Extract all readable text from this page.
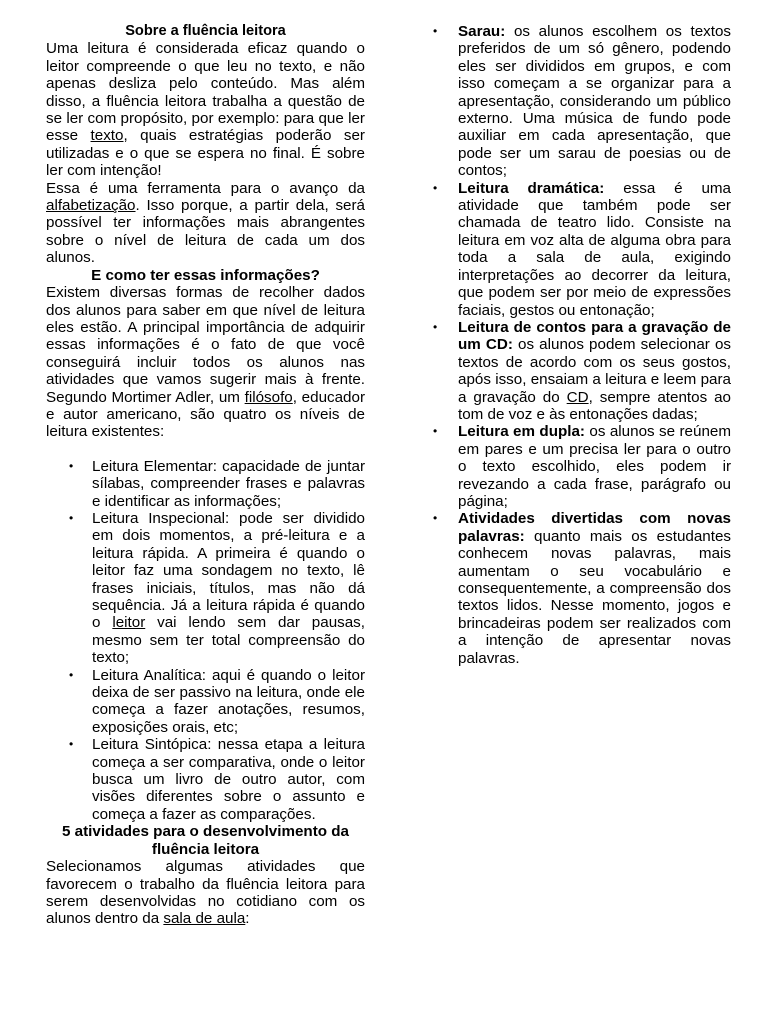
Sobre a fluência leitora

Uma leitura é considerada eficaz quando o leitor compreende o que leu no texto, e não apenas desliza pelo conteúdo. Mas além disso, a fluência leitora trabalha a questão de se ler com propósito, por exemplo: para que ler esse texto, quais estratégias poderão ser utilizadas e o que se espera no final. É sobre ler com intenção!

Essa é uma ferramenta para o avanço da alfabetização. Isso porque, a partir dela, será possível ter informações mais abrangentes sobre o nível de leitura de cada um dos alunos.

E como ter essas informações?

Existem diversas formas de recolher dados dos alunos para saber em que nível de leitura eles estão. A principal importância de adquirir essas informações é o fato de que você conseguirá incluir todos os alunos nas atividades que vamos sugerir mais à frente. Segundo Mortimer Adler, um filósofo, educador e autor americano, são quatro os níveis de leitura existentes:

• Leitura Elementar: capacidade de juntar sílabas, compreender frases e palavras e identificar as informações;
• Leitura Inspecional: pode ser dividido em dois momentos, a pré-leitura e a leitura rápida. A primeira é quando o leitor faz uma sondagem no texto, lê frases iniciais, títulos, mas não dá sequência. Já a leitura rápida é quando o leitor vai lendo sem dar pausas, mesmo sem ter total compreensão do texto;
• Leitura Analítica: aqui é quando o leitor deixa de ser passivo na leitura, onde ele começa a fazer anotações, resumos, exposições orais, etc;
• Leitura Sintópica: nessa etapa a leitura começa a ser comparativa, onde o leitor busca um livro de outro autor, com visões diferentes sobre o assunto e começa a fazer as comparações.
5 atividades para o desenvolvimento da fluência leitora

Selecionamos algumas atividades que favorecem o trabalho da fluência leitora para serem desenvolvidas no cotidiano com os alunos dentro da sala de aula:

• Sarau: os alunos escolhem os textos preferidos de um só gênero, podendo eles ser divididos em grupos, e com isso começam a se organizar para a apresentação, considerando um público externo. Uma música de fundo pode auxiliar em cada apresentação, que pode ser um sarau de poesias ou de contos;
• Leitura dramática: essa é uma atividade que também pode ser chamada de teatro lido. Consiste na leitura em voz alta de alguma obra para toda a sala de aula, exigindo interpretações ao decorrer da leitura, que podem ser por meio de expressões faciais, gestos ou entonação;
• Leitura de contos para a gravação de um CD: os alunos podem selecionar os textos de acordo com os seus gostos, após isso, ensaiam a leitura e leem para a gravação do CD, sempre atentos ao tom de voz e às entonações dadas;
• Leitura em dupla: os alunos se reúnem em pares e um precisa ler para o outro o texto escolhido, eles podem ir revezando a cada frase, parágrafo ou página;
• Atividades divertidas com novas palavras: quanto mais os estudantes conhecem novas palavras, mais aumentam o seu vocabulário e consequentemente, a compreensão dos textos lidos. Nesse momento, jogos e brincadeiras podem ser realizados com a intenção de apresentar novas palavras.
